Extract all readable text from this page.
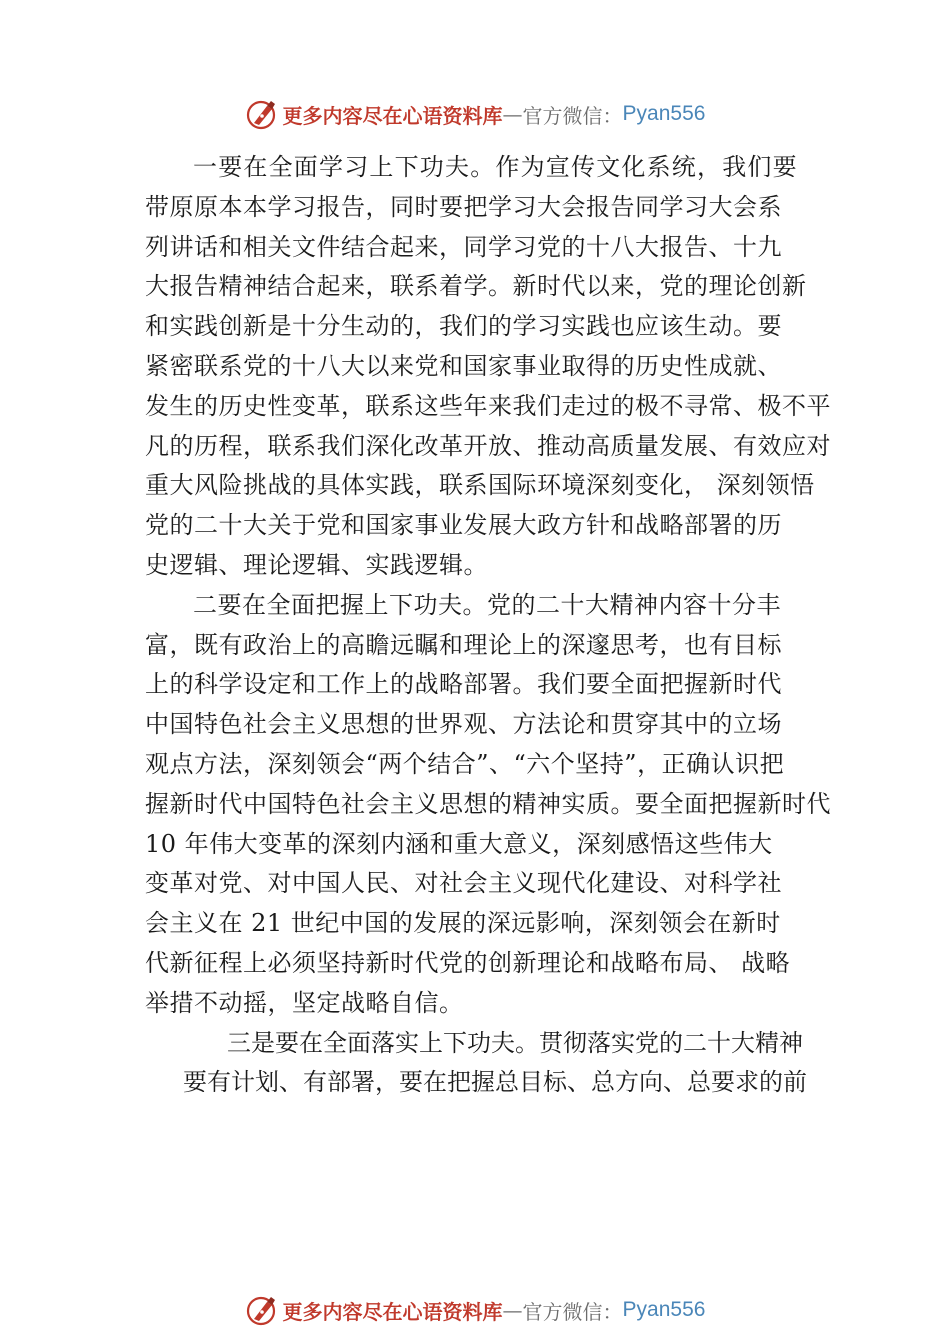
更多内容尽在心语资料库 — 官方微信： Pyan556
一要在全面学习上下功夫。作为宣传文化系统，我们要
带原原本本学习报告，同时要把学习大会报告同学习大会系
列讲话和相关文件结合起来，同学习党的十八大报告、十九
大报告精神结合起来，联系着学。新时代以来，党的理论创新
和实践创新是十分生动的，我们的学习实践也应该生动。要
紧密联系党的十八大以来党和国家事业取得的历史性成就、
发生的历史性变革，联系这些年来我们走过的极不寻常、极不平
凡的历程，联系我们深化改革开放、推动高质量发展、有效应对
重大风险挑战的具体实践，联系国际环境深刻变化， 深刻领悟
党的二十大关于党和国家事业发展大政方针和战略部署的历
史逻辑、理论逻辑、实践逻辑。
二要在全面把握上下功夫。党的二十大精神内容十分丰
富，既有政治上的高瞻远瞩和理论上的深邃思考，也有目标
上的科学设定和工作上的战略部署。我们要全面把握新时代
中国特色社会主义思想的世界观、方法论和贯穿其中的立场
观点方法，深刻领会“两个结合”、“六个坚持”，正确认识把
握新时代中国特色社会主义思想的精神实质。要全面把握新时代
10 年伟大变革的深刻内涵和重大意义，深刻感悟这些伟大
变革对党、对中国人民、对社会主义现代化建设、对科学社
会主义在 21 世纪中国的发展的深远影响，深刻领会在新时
代新征程上必须坚持新时代党的创新理论和战略布局、 战略
举措不动摇，坚定战略自信。
三是要在全面落实上下功夫。贯彻落实党的二十大精神
要有计划、有部署，要在把握总目标、总方向、总要求的前
更多内容尽在心语资料库 — 官方微信： Pyan556
